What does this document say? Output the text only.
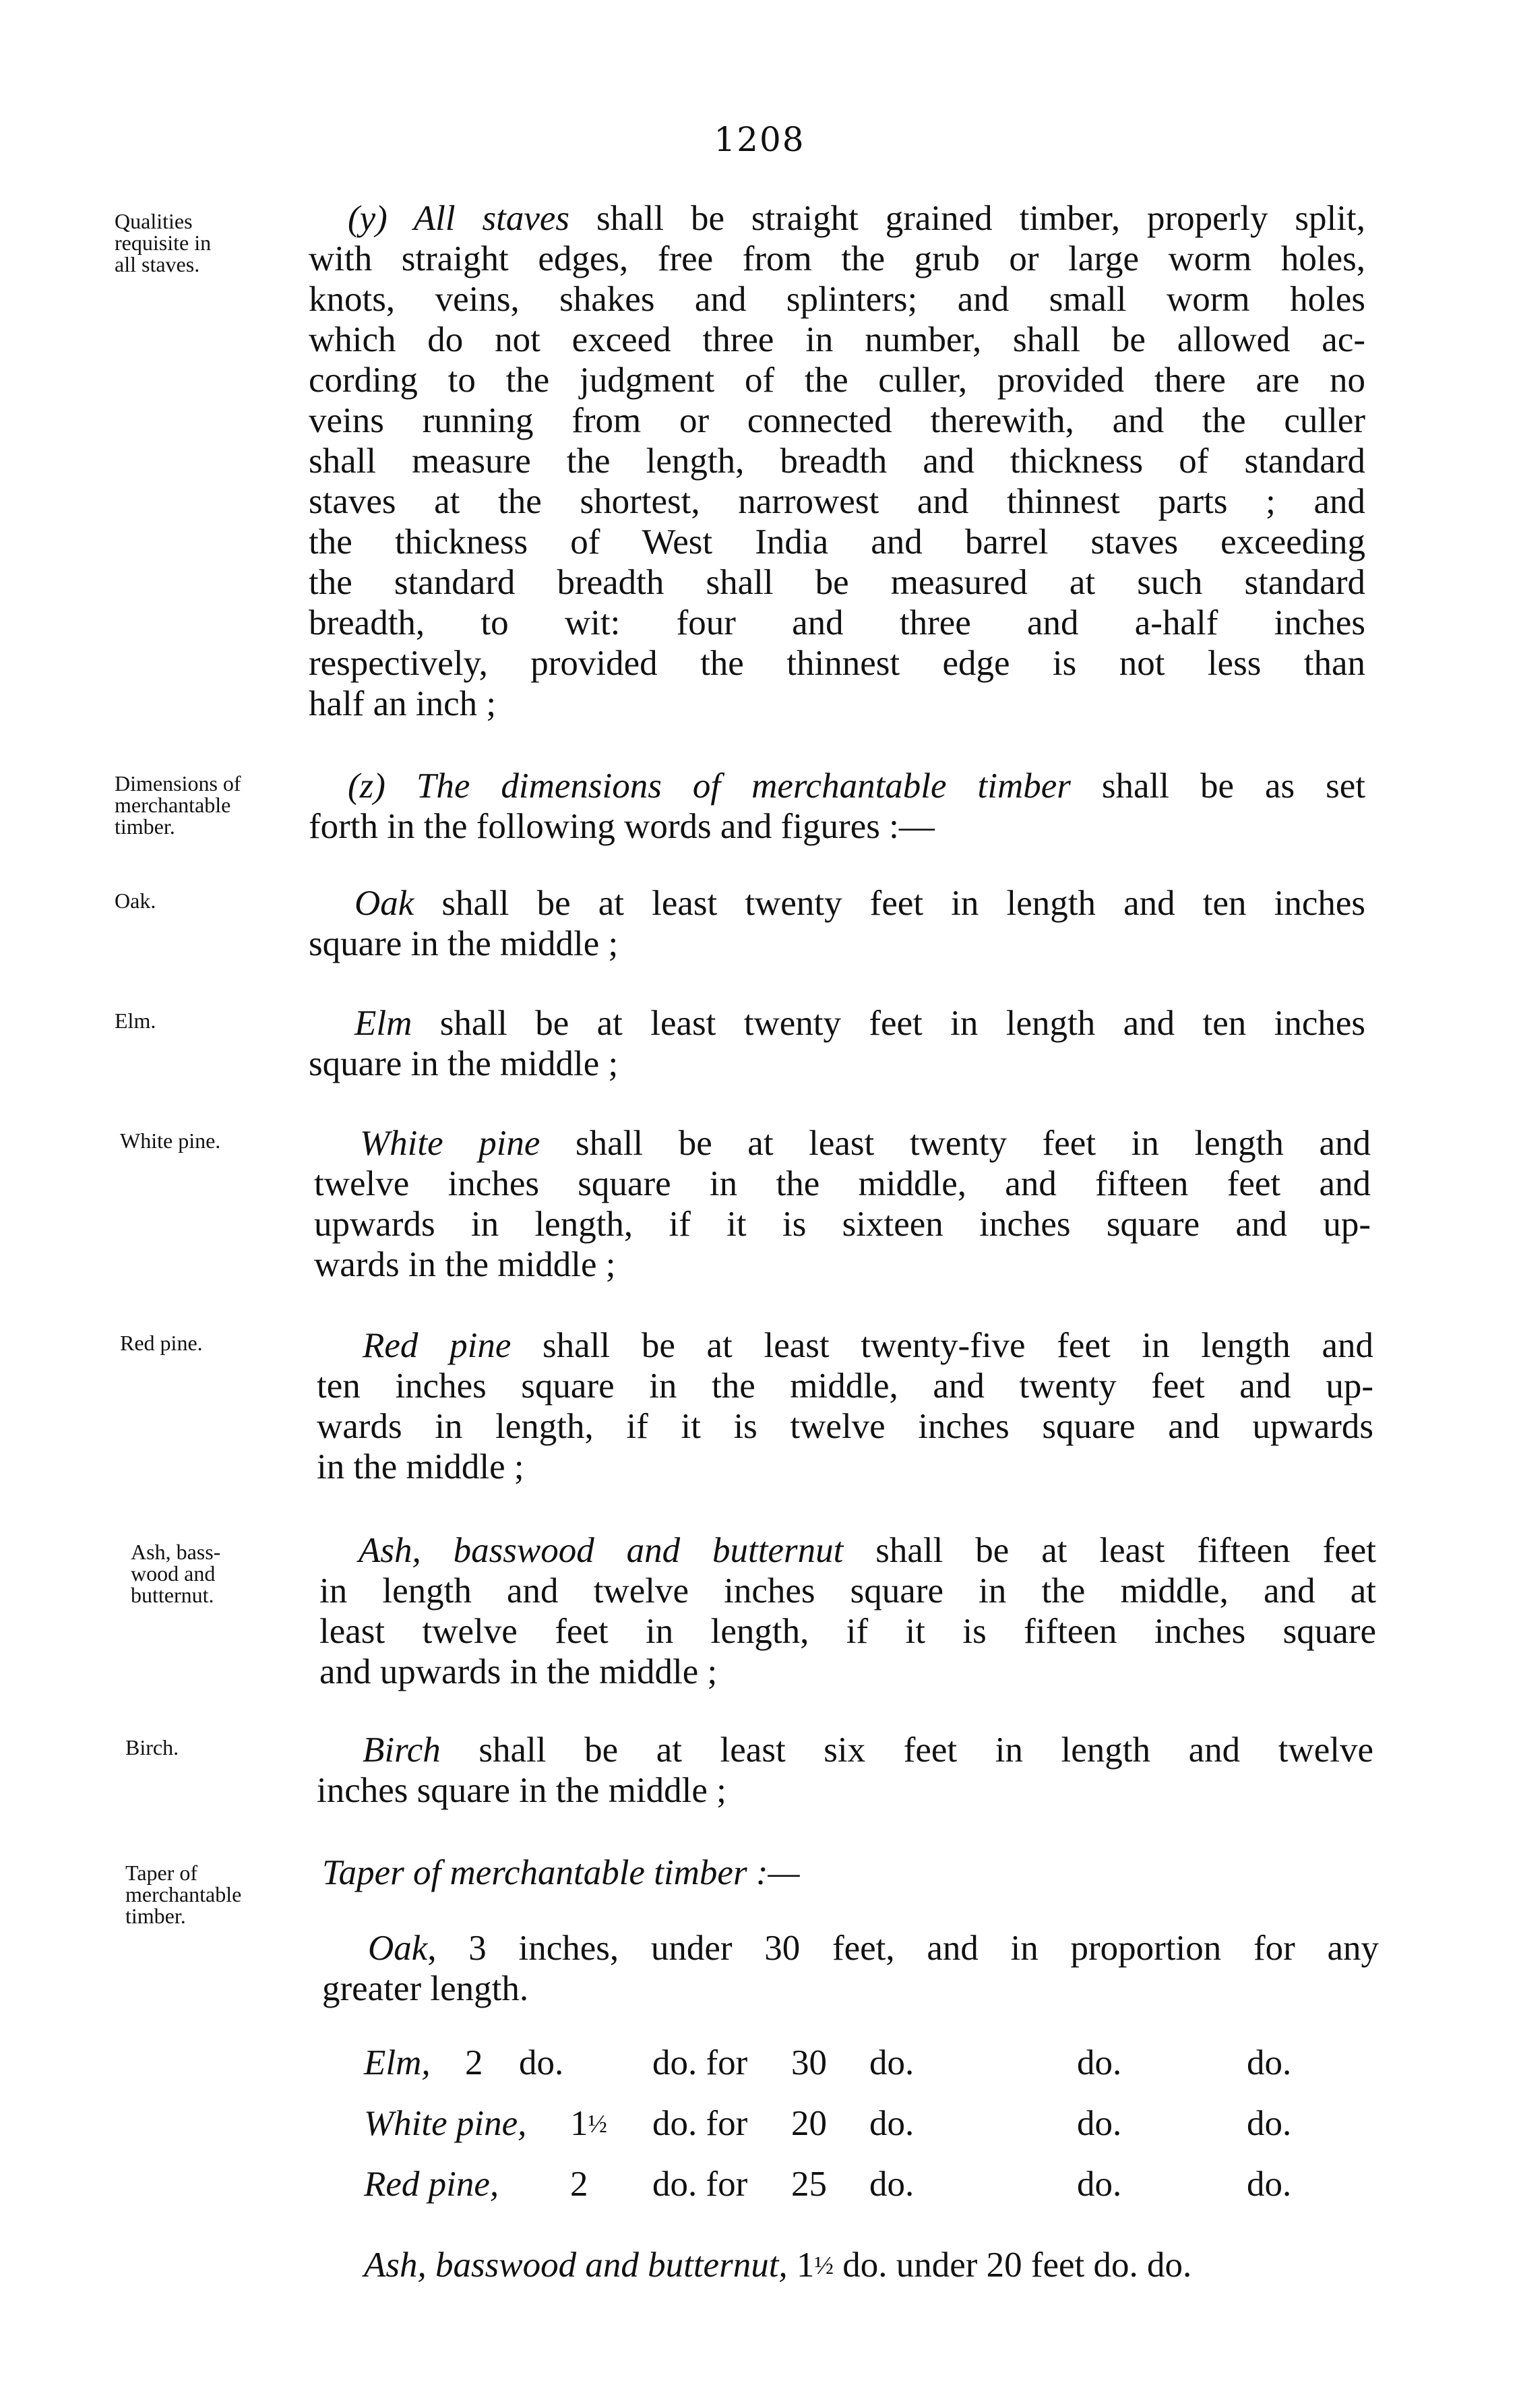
1208

Qualities
requisite in
all staves.

Dimensions of
merchantable
timber.

Oak.

Elm.

White pine.

Red pine.

Ash, bass-
wood and
butternut.

Birch.

Taper of
merchantable
timber.

(y) All staves shall be straight grained timber, properly split,
with straight edges, free from the grub or large worm holes,
knots, veins, shakes and splinters; and small worm holes
which do not exceed three in number, shall be allowed ac-
cording to the judgment of the culler, provided there are no
veins running from or connected therewith, and the culler
shall measure the length, breadth and thickness of standard
staves at the shortest, narrowest and thinnest parts ; and
the thickness of West India and barrel staves exceeding
the standard breadth shall be measured at such standard
breadth, to wit: four and three and a-half inches
respectively, provided the thinnest edge is not less than
half an inch ;
(z) The dimensions of merchantable timber shall be as set
forth in the following words and figures :—
Oak shall be at least twenty feet in length and ten inches
square in the middle ;
Elm shall be at least twenty feet in length and ten inches
square in the middle ;
White pine shall be at least twenty feet in length and
twelve inches square in the middle, and fifteen feet and
upwards in length, if it is sixteen inches square and up-
wards in the middle ;
Red pine shall be at least twenty-five feet in length and
ten inches square in the middle, and twenty feet and up-
wards in length, if it is twelve inches square and upwards
in the middle ;
Ash, basswood and butternut shall be at least fifteen feet
in length and twelve inches square in the middle, and at
least twelve feet in length, if it is fifteen inches square
and upwards in the middle ;
Birch shall be at least six feet in length and twelve
inches square in the middle ;
Taper of merchantable timber :—
Oak, 3 inches, under 30 feet, and in proportion for any
greater length.
Elm, 2 do. do. for 30 do.	do.	do.
White pine, 1½ do. for 20 do.	do.	do.
Red pine, 2 do. for 25 do.	do.	do.
Ash, basswood and butternut, 1½ do. under 20 feet do. do.
